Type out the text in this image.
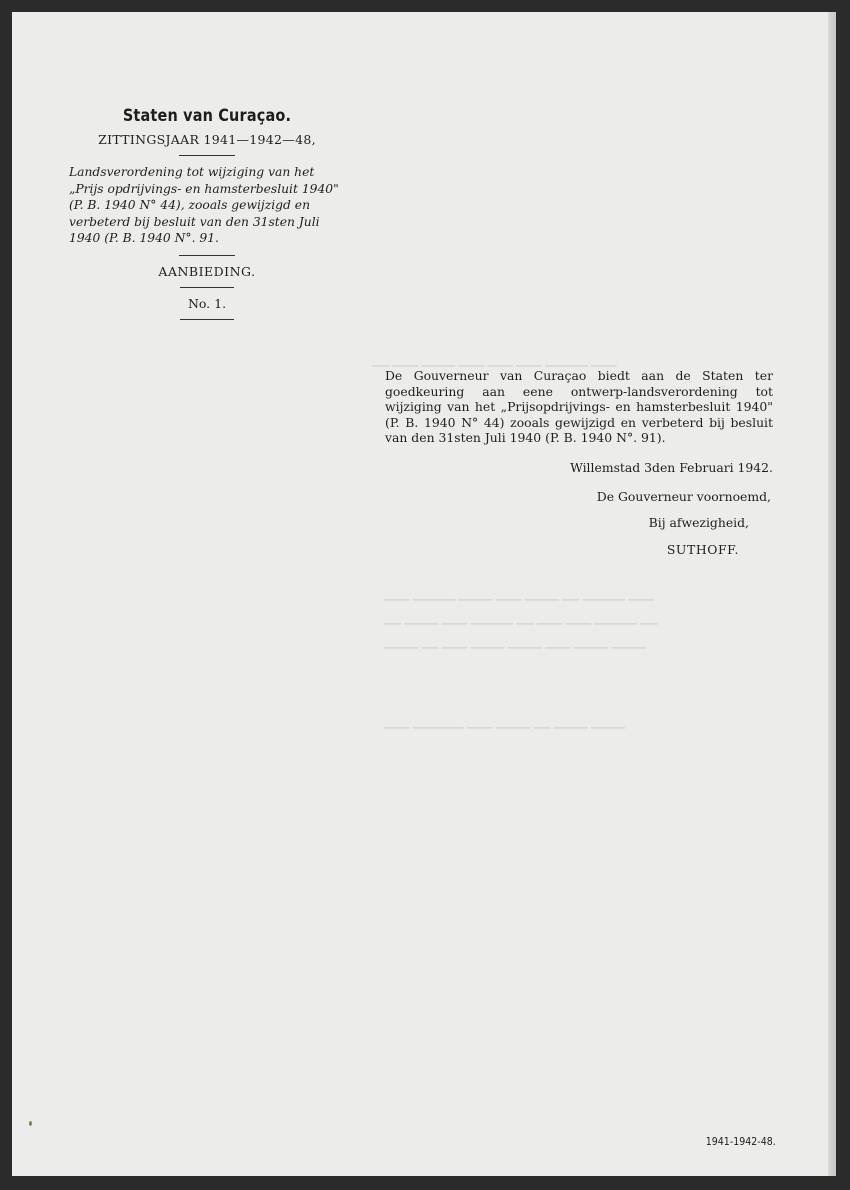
▁▁ ▁▁▁ ▁▁▁▁ ▁▁▁ ▁▁▁ ▁▁▁ ▁▁▁▁▁ ▁▁▁
▁▁▁ ▁▁▁▁▁ ▁▁▁▁ ▁▁▁ ▁▁▁▁ ▁▁ ▁▁▁▁▁ ▁▁▁
▁▁ ▁▁▁▁ ▁▁▁ ▁▁▁▁▁ ▁▁ ▁▁▁ ▁▁▁ ▁▁▁▁▁ ▁▁
▁▁▁▁ ▁▁ ▁▁▁ ▁▁▁▁ ▁▁▁▁ ▁▁▁ ▁▁▁▁ ▁▁▁▁
▁▁▁ ▁▁▁▁▁▁ ▁▁▁ ▁▁▁▁ ▁▁ ▁▁▁▁ ▁▁▁▁

Staten van Curaçao.

ZITTINGSJAAR 1941—1942—48,

Landsverordening tot wijziging van het „Prijs opdrijvings- en hamsterbesluit 1940" (P. B. 1940 N° 44), zooals gewijzigd en verbeterd bij besluit van den 31sten Juli 1940 (P. B. 1940 N°. 91.

AANBIEDING.

No. 1.

De Gouverneur van Curaçao biedt aan de Staten ter goedkeuring aan eene ontwerp-landsverordening tot wijziging van het „Prijsopdrijvings- en hamsterbesluit 1940" (P. B. 1940 N° 44) zooals gewijzigd en verbeterd bij besluit van den 31sten Juli 1940 (P. B. 1940 N°. 91).

Willemstad 3den Februari 1942.

De Gouverneur voornoemd,

Bij afwezigheid,

SUTHOFF.

1941-1942-48.
